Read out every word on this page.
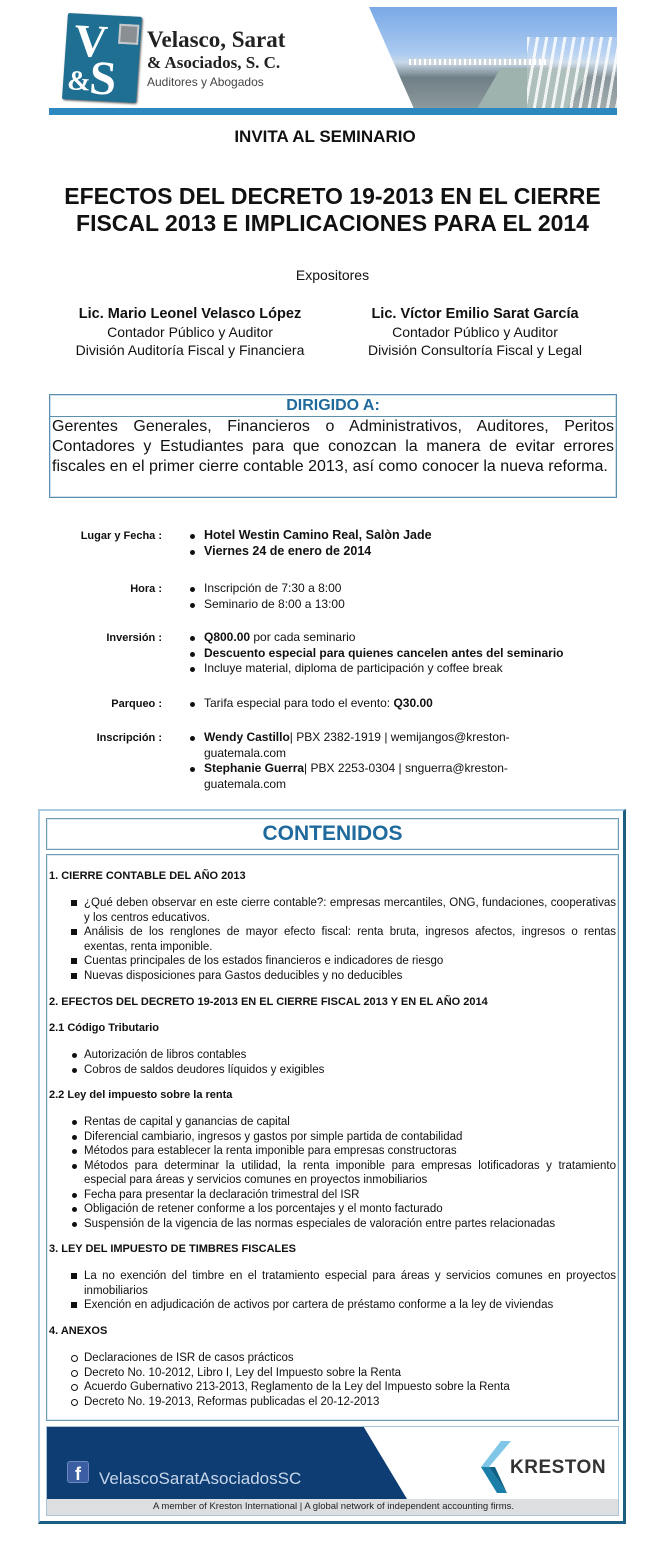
V
&
S
Velasco, Sarat
& Asociados, S. C.
Auditores y Abogados
INVITA AL SEMINARIO
EFECTOS DEL DECRETO 19-2013 EN EL CIERRE
FISCAL 2013 E IMPLICACIONES PARA EL 2014
Expositores
Lic. Mario Leonel Velasco López
Contador Público y Auditor
División Auditoría Fiscal y Financiera
Lic. Víctor Emilio Sarat García
Contador Público y Auditor
División Consultoría Fiscal y Legal
DIRIGIDO A:
Gerentes Generales, Financieros o Administrativos, Auditores, Peritos Contadores y Estudiantes para que conozcan la manera de evitar errores fiscales en el primer cierre contable 2013, así como conocer la nueva reforma.
Lugar y Fecha :	Hotel Westin Camino Real, Salòn Jade
Viernes 24 de enero de 2014
Hora :	Inscripción de 7:30 a 8:00
Seminario de 8:00 a 13:00
Inversión :	Q800.00 por cada seminario
Descuento especial para quienes cancelen antes del seminario
Incluye material, diploma de participación y coffee break
Parqueo :	Tarifa especial para todo el evento: Q30.00
Inscripción :	Wendy Castillo| PBX 2382-1919 | wemijangos@kreston-guatemala.com
Stephanie Guerra| PBX 2253-0304 | snguerra@kreston-guatemala.com
CONTENIDOS
1. CIERRE CONTABLE DEL AÑO 2013
¿Qué deben observar en este cierre contable?: empresas mercantiles, ONG, fundaciones, cooperativas y los centros educativos.
Análisis de los renglones de mayor efecto fiscal: renta bruta, ingresos afectos, ingresos o rentas exentas, renta imponible.
Cuentas principales de los estados financieros e indicadores de riesgo
Nuevas disposiciones para Gastos deducibles y no deducibles
2. EFECTOS DEL DECRETO 19-2013 EN EL CIERRE FISCAL 2013 Y EN EL AÑO 2014
2.1 Código Tributario
Autorización de libros contables
Cobros de saldos deudores líquidos y exigibles
2.2 Ley del impuesto sobre la renta
Rentas de capital y ganancias de capital
Diferencial cambiario, ingresos y gastos por simple partida de contabilidad
Métodos para establecer la renta imponible para empresas constructoras
Métodos para determinar la utilidad, la renta imponible para empresas lotificadoras y tratamiento especial para áreas y servicios comunes en proyectos inmobiliarios
Fecha para presentar la declaración trimestral del ISR
Obligación de retener conforme a los porcentajes y el monto facturado
Suspensión de la vigencia de las normas especiales de valoración entre partes relacionadas
3. LEY DEL IMPUESTO DE TIMBRES FISCALES
La no exención del timbre en el tratamiento especial para áreas y servicios comunes en proyectos inmobiliarios
Exención en adjudicación de activos por cartera de préstamo conforme a la ley de viviendas
4. ANEXOS
Declaraciones de ISR de casos prácticos
Decreto No. 10-2012, Libro I, Ley del Impuesto sobre la Renta
Acuerdo Gubernativo 213-2013, Reglamento de la Ley del Impuesto sobre la Renta
Decreto No. 19-2013, Reformas publicadas el 20-12-2013
f	VelascoSaratAsociadosSC
KRESTON
A member of Kreston International | A global network of independent accounting firms.
